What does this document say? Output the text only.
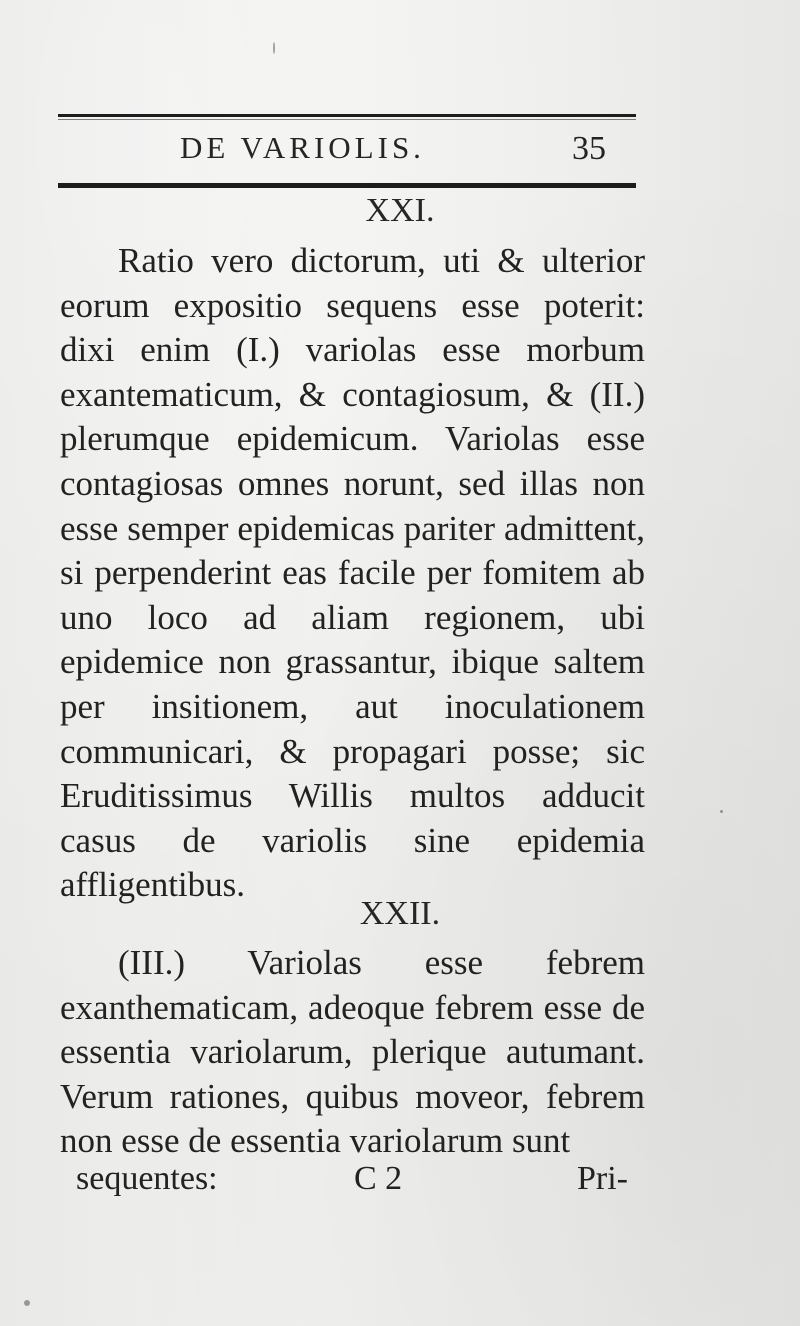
DE VARIOLIS.	35
XXI.

Ratio vero dictorum, uti & ulterior eorum expositio sequens esse poterit: dixi enim (I.) variolas esse morbum exantematicum, & contagiosum, & (II.) plerumque epidemicum. Variolas esse contagiosas omnes norunt, sed illas non esse semper epidemicas pariter admittent, si perpenderint eas facile per fomitem ab uno loco ad aliam regionem, ubi epidemice non grassantur, ibique saltem per insitionem, aut inoculationem communicari, & propagari posse; sic Eruditissimus Willis multos adducit casus de variolis sine epidemia affligentibus.

XXII.

(III.) Variolas esse febrem exanthematicam, adeoque febrem esse de essentia variolarum, plerique autumant. Verum rationes, quibus moveor, febrem non esse de essentia variolarum sunt

sequentes:	C 2	Pri-
